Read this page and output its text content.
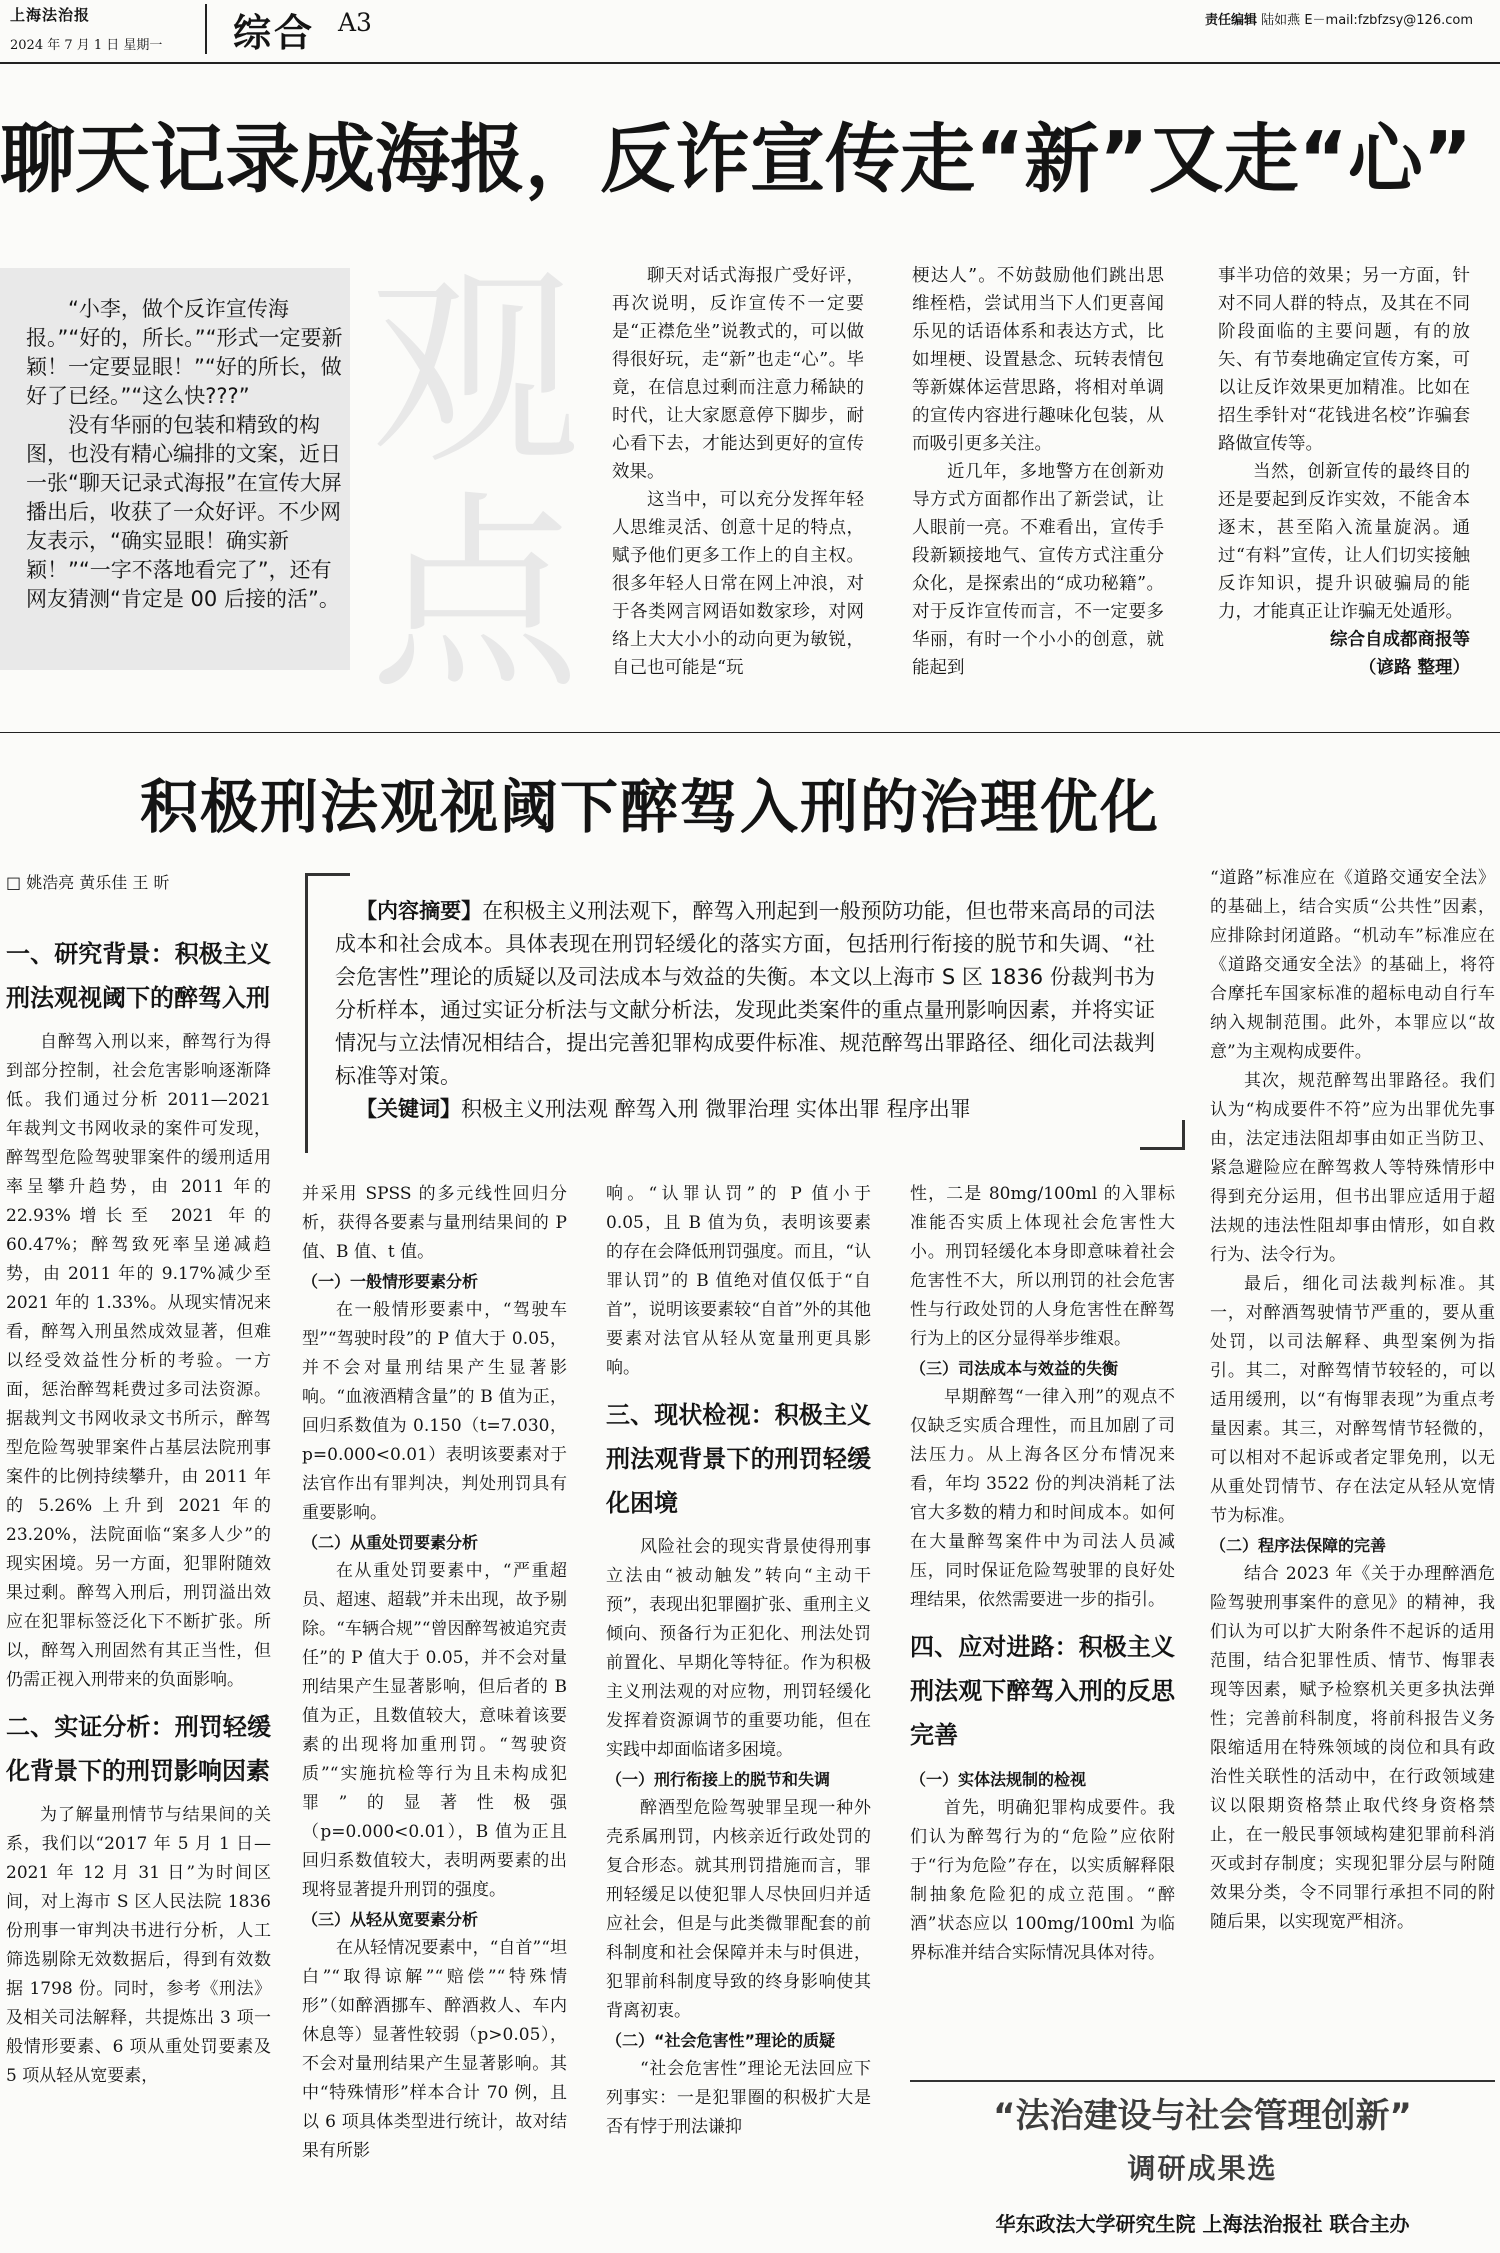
上海法治报
2024 年 7 月 1 日 星期一 综合 A3	责任编辑 陆如燕 E－mail:fzbfzsy@126.com
聊天记录成海报，反诈宣传走“新”又走“心”

“小李，做个反诈宣传海报。”“好的，所长。”“形式一定要新颖！一定要显眼！”“好的所长，做好了已经。”“这么快???”

没有华丽的包装和精致的构图，也没有精心编排的文案，近日一张“聊天记录式海报”在宣传大屏播出后，收获了一众好评。不少网友表示，“确实显眼！确实新颖！”“一字不落地看完了”，还有网友猜测“肯定是 00 后接的活”。

观点

聊天对话式海报广受好评，再次说明，反诈宣传不一定要是“正襟危坐”说教式的，可以做得很好玩，走“新”也走“心”。毕竟，在信息过剩而注意力稀缺的时代，让大家愿意停下脚步，耐心看下去，才能达到更好的宣传效果。

这当中，可以充分发挥年轻人思维灵活、创意十足的特点，赋予他们更多工作上的自主权。很多年轻人日常在网上冲浪，对于各类网言网语如数家珍，对网络上大大小小的动向更为敏锐，自己也可能是“玩

梗达人”。不妨鼓励他们跳出思维桎梏，尝试用当下人们更喜闻乐见的话语体系和表达方式，比如埋梗、设置悬念、玩转表情包等新媒体运营思路，将相对单调的宣传内容进行趣味化包装，从而吸引更多关注。

近几年，多地警方在创新劝导方式方面都作出了新尝试，让人眼前一亮。不难看出，宣传手段新颖接地气、宣传方式注重分众化，是探索出的“成功秘籍”。对于反诈宣传而言，不一定要多华丽，有时一个小小的创意，就能起到

事半功倍的效果；另一方面，针对不同人群的特点，及其在不同阶段面临的主要问题，有的放矢、有节奏地确定宣传方案，可以让反诈效果更加精准。比如在招生季针对“花钱进名校”诈骗套路做宣传等。

当然，创新宣传的最终目的还是要起到反诈实效，不能舍本逐末，甚至陷入流量旋涡。通过“有料”宣传，让人们切实接触反诈知识，提升识破骗局的能力，才能真正让诈骗无处遁形。

综合自成都商报等

（谚路 整理）

积极刑法观视阈下醉驾入刑的治理优化
□ 姚浩亮 黄乐佳 王 昕

【内容摘要】在积极主义刑法观下，醉驾入刑起到一般预防功能，但也带来高昂的司法成本和社会成本。具体表现在刑罚轻缓化的落实方面，包括刑行衔接的脱节和失调、“社会危害性”理论的质疑以及司法成本与效益的失衡。本文以上海市 S 区 1836 份裁判书为分析样本，通过实证分析法与文献分析法，发现此类案件的重点量刑影响因素，并将实证情况与立法情况相结合，提出完善犯罪构成要件标准、规范醉驾出罪路径、细化司法裁判标准等对策。

【关键词】积极主义刑法观 醉驾入刑 微罪治理 实体出罪 程序出罪

一、研究背景：积极主义刑法观视阈下的醉驾入刑

自醉驾入刑以来，醉驾行为得到部分控制，社会危害影响逐渐降低。我们通过分析 2011—2021 年裁判文书网收录的案件可发现，醉驾型危险驾驶罪案件的缓刑适用率呈攀升趋势，由 2011 年的 22.93%增长至 2021 年的 60.47%；醉驾致死率呈递减趋势，由 2011 年的 9.17%减少至 2021 年的 1.33%。从现实情况来看，醉驾入刑虽然成效显著，但难以经受效益性分析的考验。一方面，惩治醉驾耗费过多司法资源。据裁判文书网收录文书所示，醉驾型危险驾驶罪案件占基层法院刑事案件的比例持续攀升，由 2011 年的 5.26% 上升到 2021 年的 23.20%，法院面临“案多人少”的现实困境。另一方面，犯罪附随效果过剩。醉驾入刑后，刑罚溢出效应在犯罪标签泛化下不断扩张。所以，醉驾入刑固然有其正当性，但仍需正视入刑带来的负面影响。

二、实证分析：刑罚轻缓化背景下的刑罚影响因素

为了解量刑情节与结果间的关系，我们以“2017 年 5 月 1 日—2021 年 12 月 31 日”为时间区间，对上海市 S 区人民法院 1836 份刑事一审判决书进行分析，人工筛选剔除无效数据后，得到有效数据 1798 份。同时，参考《刑法》及相关司法解释，共提炼出 3 项一般情形要素、6 项从重处罚要素及 5 项从轻从宽要素，

并采用 SPSS 的多元线性回归分析，获得各要素与量刑结果间的 P 值、B 值、t 值。

（一）一般情形要素分析

在一般情形要素中，“驾驶车型”“驾驶时段”的 P 值大于 0.05，并不会对量刑结果产生显著影响。“血液酒精含量”的 B 值为正，回归系数值为 0.150（t=7.030，p=0.000<0.01）表明该要素对于法官作出有罪判决，判处刑罚具有重要影响。

（二）从重处罚要素分析

在从重处罚要素中，“严重超员、超速、超载”并未出现，故予剔除。“车辆合规”“曾因醉驾被追究责任”的 P 值大于 0.05，并不会对量刑结果产生显著影响，但后者的 B 值为正，且数值较大，意味着该要素的出现将加重刑罚。“驾驶资质”“实施抗检等行为且未构成犯罪”的显著性极强（p=0.000<0.01），B 值为正且回归系数值较大，表明两要素的出现将显著提升刑罚的强度。

（三）从轻从宽要素分析

在从轻情况要素中，“自首”“坦白”“取得谅解”“赔偿”“特殊情形”（如醉酒挪车、醉酒救人、车内休息等）显著性较弱（p>0.05），不会对量刑结果产生显著影响。其中“特殊情形”样本合计 70 例，且以 6 项具体类型进行统计，故对结果有所影

响。“认罪认罚”的 P 值小于 0.05，且 B 值为负，表明该要素的存在会降低刑罚强度。而且，“认罪认罚”的 B 值绝对值仅低于“自首”，说明该要素较“自首”外的其他要素对法官从轻从宽量刑更具影响。

三、现状检视：积极主义刑法观背景下的刑罚轻缓化困境

风险社会的现实背景使得刑事立法由“被动触发”转向“主动干预”，表现出犯罪圈扩张、重刑主义倾向、预备行为正犯化、刑法处罚前置化、早期化等特征。作为积极主义刑法观的对应物，刑罚轻缓化发挥着资源调节的重要功能，但在实践中却面临诸多困境。

（一）刑行衔接上的脱节和失调

醉酒型危险驾驶罪呈现一种外壳系属刑罚，内核亲近行政处罚的复合形态。就其刑罚措施而言，罪刑轻缓足以使犯罪人尽快回归并适应社会，但是与此类微罪配套的前科制度和社会保障并未与时俱进，犯罪前科制度导致的终身影响使其背离初衷。

（二）“社会危害性”理论的质疑

“社会危害性”理论无法回应下列事实：一是犯罪圈的积极扩大是否有悖于刑法谦抑

性，二是 80mg/100ml 的入罪标准能否实质上体现社会危害性大小。刑罚轻缓化本身即意味着社会危害性不大，所以刑罚的社会危害性与行政处罚的人身危害性在醉驾行为上的区分显得举步维艰。

（三）司法成本与效益的失衡

早期醉驾“一律入刑”的观点不仅缺乏实质合理性，而且加剧了司法压力。从上海各区分布情况来看，年均 3522 份的判决消耗了法官大多数的精力和时间成本。如何在大量醉驾案件中为司法人员减压，同时保证危险驾驶罪的良好处理结果，依然需要进一步的指引。

四、应对进路：积极主义刑法观下醉驾入刑的反思完善

（一）实体法规制的检视

首先，明确犯罪构成要件。我们认为醉驾行为的“危险”应依附于“行为危险”存在，以实质解释限制抽象危险犯的成立范围。“醉酒”状态应以 100mg/100ml 为临界标准并结合实际情况具体对待。

“道路”标准应在《道路交通安全法》的基础上，结合实质“公共性”因素，应排除封闭道路。“机动车”标准应在《道路交通安全法》的基础上，将符合摩托车国家标准的超标电动自行车纳入规制范围。此外，本罪应以“故意”为主观构成要件。

其次，规范醉驾出罪路径。我们认为“构成要件不符”应为出罪优先事由，法定违法阻却事由如正当防卫、紧急避险应在醉驾救人等特殊情形中得到充分运用，但书出罪应适用于超法规的违法性阻却事由情形，如自救行为、法令行为。

最后，细化司法裁判标准。其一，对醉酒驾驶情节严重的，要从重处罚，以司法解释、典型案例为指引。其二，对醉驾情节较轻的，可以适用缓刑，以“有悔罪表现”为重点考量因素。其三，对醉驾情节轻微的，可以相对不起诉或者定罪免刑，以无从重处罚情节、存在法定从轻从宽情节为标准。

（二）程序法保障的完善

结合 2023 年《关于办理醉酒危险驾驶刑事案件的意见》的精神，我们认为可以扩大附条件不起诉的适用范围，结合犯罪性质、情节、悔罪表现等因素，赋予检察机关更多执法弹性；完善前科制度，将前科报告义务限缩适用在特殊领域的岗位和具有政治性关联性的活动中，在行政领域建议以限期资格禁止取代终身资格禁止，在一般民事领域构建犯罪前科消灭或封存制度；实现犯罪分层与附随效果分类，令不同罪行承担不同的附随后果，以实现宽严相济。

“法治建设与社会管理创新”
调研成果选
华东政法大学研究生院 上海法治报社 联合主办
